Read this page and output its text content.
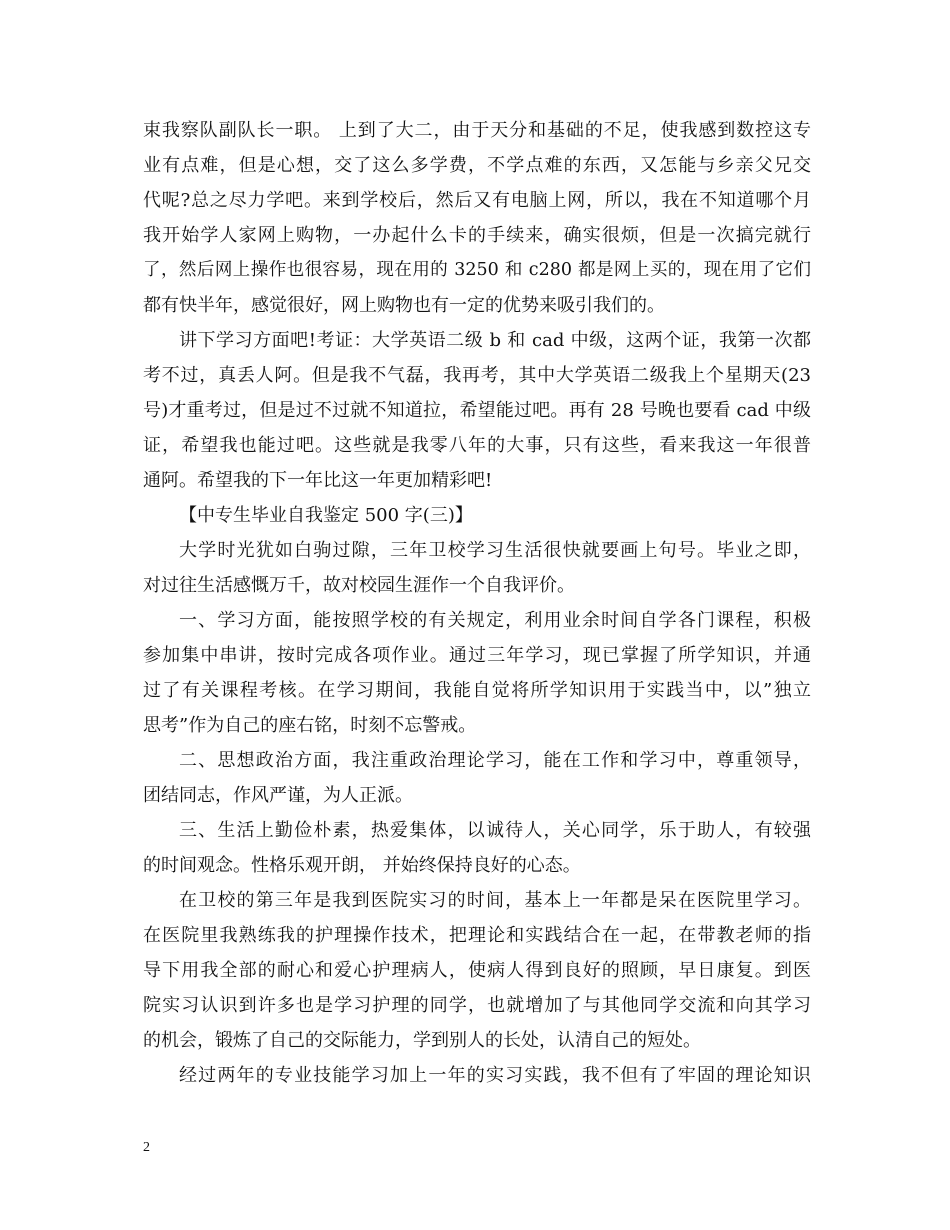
束我察队副队长一职。 上到了大二，由于天分和基础的不足，使我感到数控这专
业有点难，但是心想，交了这么多学费，不学点难的东西，又怎能与乡亲父兄交
代呢?总之尽力学吧。来到学校后，然后又有电脑上网，所以，我在不知道哪个月
我开始学人家网上购物，一办起什么卡的手续来，确实很烦，但是一次搞完就行
了，然后网上操作也很容易，现在用的 3250 和 c280 都是网上买的，现在用了它们
都有快半年，感觉很好，网上购物也有一定的优势来吸引我们的。
讲下学习方面吧!考证：大学英语二级 b 和 cad 中级，这两个证，我第一次都
考不过，真丢人阿。但是我不气磊，我再考，其中大学英语二级我上个星期天(23
号)才重考过，但是过不过就不知道拉，希望能过吧。再有 28 号晚也要看 cad 中级
证，希望我也能过吧。这些就是我零八年的大事，只有这些，看来我这一年很普
通阿。希望我的下一年比这一年更加精彩吧!
【中专生毕业自我鉴定 500 字(三)】
大学时光犹如白驹过隙，三年卫校学习生活很快就要画上句号。毕业之即，
对过往生活感慨万千，故对校园生涯作一个自我评价。
一、学习方面，能按照学校的有关规定，利用业余时间自学各门课程，积极
参加集中串讲，按时完成各项作业。通过三年学习，现已掌握了所学知识，并通
过了有关课程考核。在学习期间，我能自觉将所学知识用于实践当中，以”独立
思考”作为自己的座右铭，时刻不忘警戒。
二、思想政治方面，我注重政治理论学习，能在工作和学习中，尊重领导，
团结同志，作风严谨，为人正派。
三、生活上勤俭朴素，热爱集体，以诚待人，关心同学，乐于助人，有较强
的时间观念。性格乐观开朗， 并始终保持良好的心态。
在卫校的第三年是我到医院实习的时间，基本上一年都是呆在医院里学习。
在医院里我熟练我的护理操作技术，把理论和实践结合在一起，在带教老师的指
导下用我全部的耐心和爱心护理病人，使病人得到良好的照顾，早日康复。到医
院实习认识到许多也是学习护理的同学，也就增加了与其他同学交流和向其学习
的机会，锻炼了自己的交际能力，学到别人的长处，认清自己的短处。
经过两年的专业技能学习加上一年的实习实践，我不但有了牢固的理论知识
2
